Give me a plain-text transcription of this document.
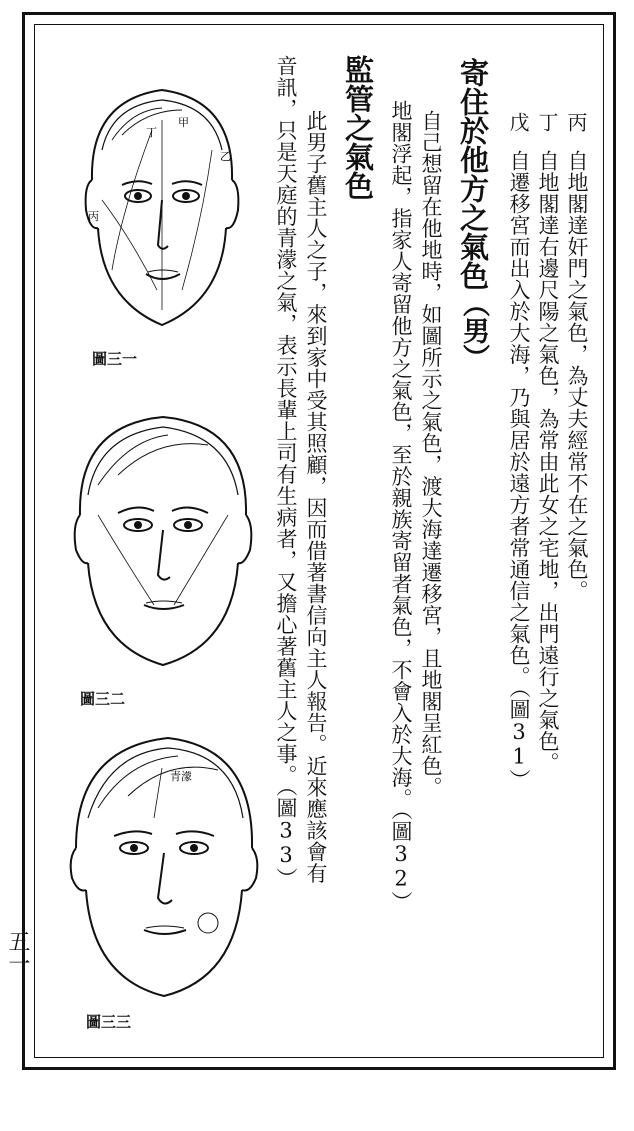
丙
自地閣達奸門之氣色，為丈夫經常不在之氣色。
丁
自地閣達右邊尺陽之氣色，為常由此女之宅地，出門遠行之氣色。
戊
自遷移宮而出入於大海，乃與居於遠方者常通信之氣色。（圖31）
寄住於他方之氣色（男）
自己想留在他地時，如圖所示之氣色，渡大海達遷移宮，且地閣呈紅色。
地閣浮起，指家人寄留他方之氣色，至於親族寄留者氣色，不會入於大海。（圖32）
監管之氣色
此男子舊主人之子，來到家中受其照顧，因而借著書信向主人報告。近來應該會有
音訊，只是天庭的青濛之氣，表示長輩上司有生病者，又擔心著舊主人之事。（圖33）
甲
丁
乙
丙
圖三一
圖三二
青濛
圖三三
五一
